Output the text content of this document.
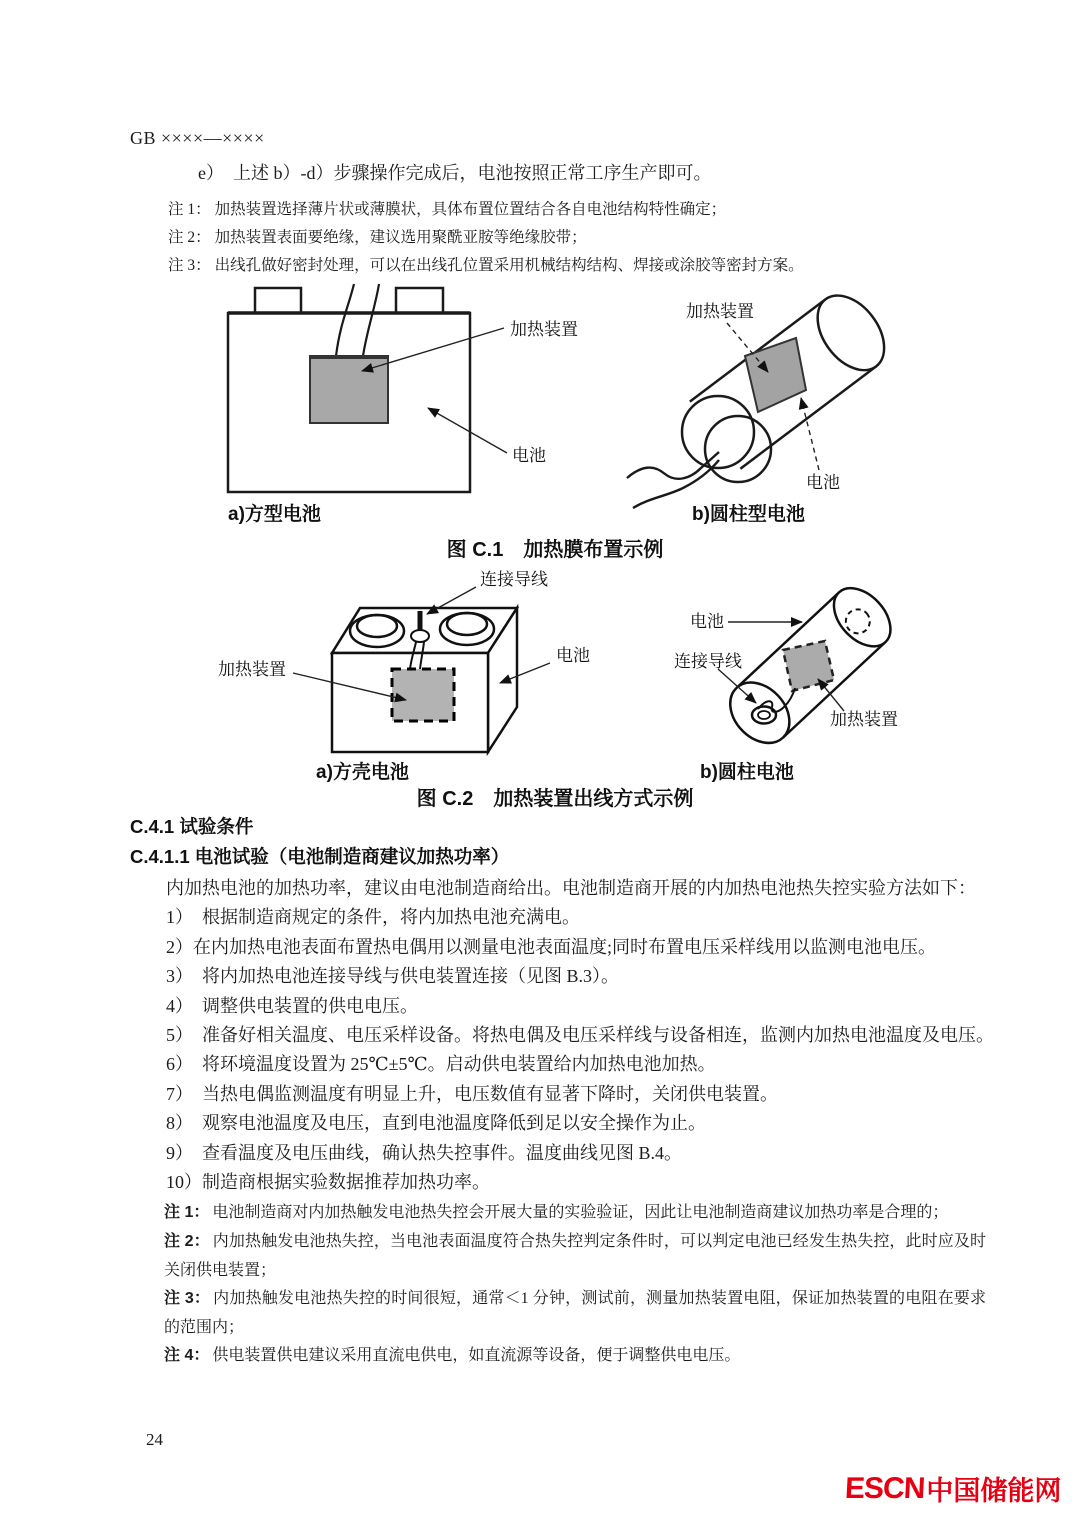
GB ××××—××××

e）　上述 b）-d）步骤操作完成后，电池按照正常工序生产即可。

注 1： 加热装置选择薄片状或薄膜状，具体布置位置结合各自电池结构特性确定；
注 2： 加热装置表面要绝缘，建议选用聚酰亚胺等绝缘胶带；
注 3： 出线孔做好密封处理，可以在出线孔位置采用机械结构结构、焊接或涂胶等密封方案。
加热装置
电池
a)方型电池
加热装置
电池
b)圆柱型电池
图 C.1　加热膜布置示例
连接导线
加热装置
电池
a)方壳电池
电池
连接导线
加热装置
b)圆柱电池
图 C.2　加热装置出线方式示例
C.4.1 试验条件
C.4.1.1 电池试验（电池制造商建议加热功率）

内加热电池的加热功率，建议由电池制造商给出。电池制造商开展的内加热电池热失控实验方法如下：

1）　根据制造商规定的条件，将内加热电池充满电。
2）在内加热电池表面布置热电偶用以测量电池表面温度;同时布置电压采样线用以监测电池电压。
3）　将内加热电池连接导线与供电装置连接（见图 B.3）。
4）　调整供电装置的供电电压。
5）　准备好相关温度、电压采样设备。将热电偶及电压采样线与设备相连，监测内加热电池温度及电压。
6）　将环境温度设置为 25℃±5℃。启动供电装置给内加热电池加热。
7）　当热电偶监测温度有明显上升，电压数值有显著下降时，关闭供电装置。
8）　观察电池温度及电压，直到电池温度降低到足以安全操作为止。
9）　查看温度及电压曲线，确认热失控事件。温度曲线见图 B.4。
10）制造商根据实验数据推荐加热功率。
注 1： 电池制造商对内加热触发电池热失控会开展大量的实验验证，因此让电池制造商建议加热功率是合理的；
注 2： 内加热触发电池热失控，当电池表面温度符合热失控判定条件时，可以判定电池已经发生热失控，此时应及时关闭供电装置；
注 3： 内加热触发电池热失控的时间很短，通常＜1 分钟，测试前，测量加热装置电阻，保证加热装置的电阻在要求的范围内；
注 4： 供电装置供电建议采用直流电供电，如直流源等设备，便于调整供电电压。
24
ESCN 中国储能网
